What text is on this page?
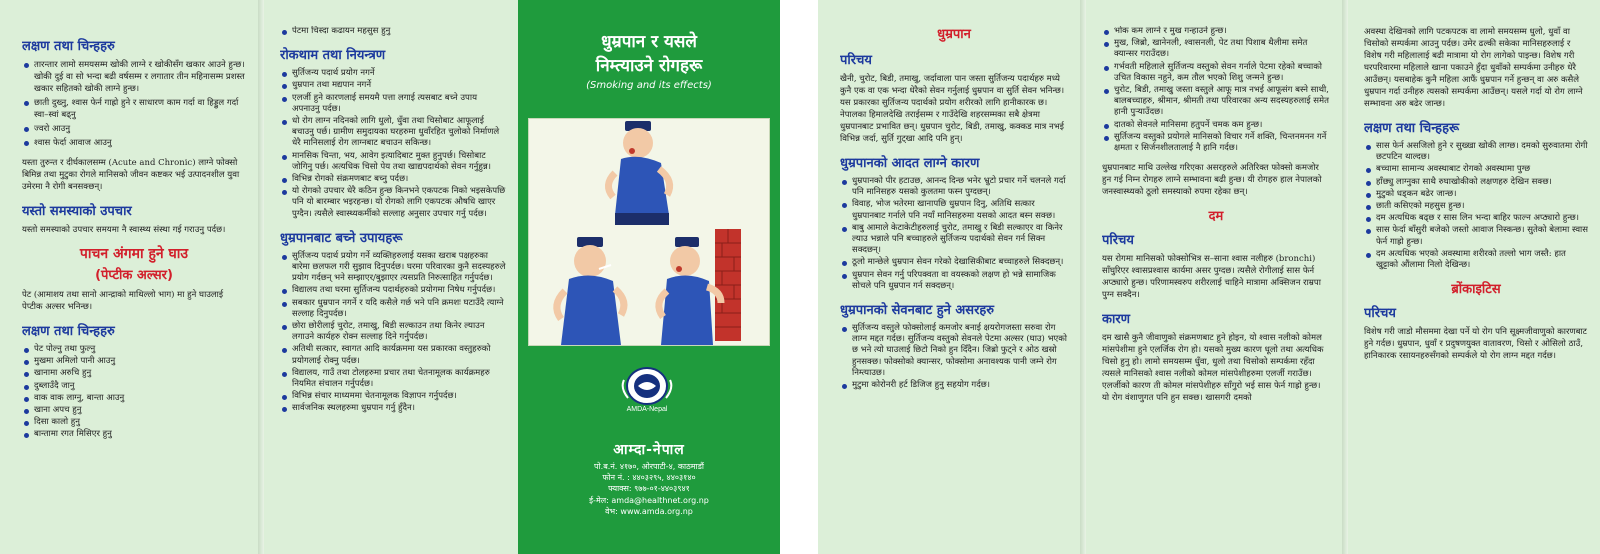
लक्षण तथा चिन्हहरु
तारन्तार लामो समयसम्म खोकी लाग्ने र खोकीसँग खकार आउने हुन्छ। खोकी दुई वा सो भन्दा बढी वर्षसम्म र लगातार तीन महिनासम्म प्रशस्त खकार सहितको खोकी लाग्ने हुन्छ।
छाती दुख्नु, श्वास फेर्न गाह्रो हुने र साधारण काम गर्दा वा हिड्डुल गर्दा स्वा–स्वां बढ्नु
ज्वरो आउनु
श्वास फेर्दा आवाज आउनु

यस्ता तुरुन्त र दीर्घकालसम्म (Acute and Chronic) लाग्ने फोक्सो बिमिन्न तथा मुटुका रोगले मानिसको जीवन कष्टकर भई उत्पादनशील युवा उमेरमा नै रोगी बनसक्छन्।

यस्तो समस्याको उपचार

यस्तो समस्याको उपचार समयमा नै स्वास्थ्य संस्था गई गराउनु पर्दछ।

पाचन अंगमा हुने घाउ
(पेप्टीक अल्सर)

पेट (आमाशय तथा सानो आन्द्राको माथिल्लो भाग) मा हुने घाउलाई पेप्टीक अल्सर भनिन्छ।

लक्षण तथा चिन्हहरु
पेट पोल्नु तथा फुल्नु
मुखमा अमिलो पानी आउनु
खानामा अरुचि हुनु
दुब्लाउँदै जानु
वाक वाक लाग्नु, बान्ता आउनु
खाना अपच हुनु
दिसा कालो हुनु
बान्तामा रगत मिसिएर हुनु
पेटमा चिस्दा कढायन महसुस हुनु
रोकथाम तथा नियन्त्रण
सुर्तिजन्य पदार्थ प्रयोग नगर्ने
धुम्रपान तथा मद्यपान नगर्ने
एलर्जी हुने कारणलाई समयमै पत्ता लगाई त्यसबाट बच्ने उपाय अपनाउनु पर्दछ।
धो रोग लाग्न नदिनको लागि धुलो, धुँवा तथा चिसोबाट आफूलाई बचाउनु पर्छ। ग्रामीण समुदायका घरहरुमा धुवाँरहित चुलोको निर्माणले धेरै मानिसलाई रोग लाग्नबाट बचाउन सकिन्छ।
मानसिक चिन्ता, भय, आवेग इत्यादिबाट मुक्त हुनुपर्छ। चिसोबाट जोगिनु पर्छ। अत्यधिक चिसो पेय तथा खाद्यपदार्थको सेवन गर्नुहुन्न।
विभिन्न रोगको संक्रमणबाट बच्नु पर्दछ।
यो रोगको उपचार धेरै कठिन हुन्छ किनभने एकपटक निको भइसकेपछि पनि यो बारम्बार भइरहन्छ। यो रोगको लागि एकपटक औषधि खाएर पुग्दैन। त्यसैले स्वास्थ्यकर्मीको सल्लाह अनुसार उपचार गर्नु पर्दछ।
धुम्रपानबाट बच्ने उपायहरू
सुर्तिजन्य पदार्थ प्रयोग गर्ने व्यक्तिहरुलाई यसका खराब पक्षहरुका बारेमा छलफल गरी सुझाव दिनुपर्दछ। घरमा परिवारका कुनै सदस्यहरुले प्रयोग गर्दछन् भने सम्झाएर/बुझाएर त्यसप्रति निरुत्साहित गर्नुपर्दछ।
विद्यालय तथा घरमा सुर्तिजन्य पदार्थहरुको प्रयोगमा निषेध गर्नुपर्दछ।
सबकार धुम्रपान नगर्ने र यदि कसैले गर्छ भने पनि क्रमशः घटाउँदै त्याग्ने सल्लाह दिनुपर्दछ।
छोरा छोरीलाई चुरोट, तमाखु, बिडी सल्काउन तथा किनेर ल्याउन लगाउने कार्यहरु रोक्न सल्लाह दिने गर्नुपर्दछ।
अतिथी सत्कार, स्वागत आदि कार्यक्रममा यस प्रकारका वस्तुहरुको प्रयोगलाई रोक्नु पर्दछ।
विद्यालय, गाउँ तथा टोलहरुमा प्रचार तथा चेतनामूलक कार्यक्रमहरु नियमित संचालन गर्नुपर्दछ।
विभिन्न संचार माध्यममा चेतनामूलक विज्ञापन गर्नुपर्दछ।
सार्वजनिक स्थलहरुमा धुम्रपान गर्नु हुँदैन।
धुम्रपान र यसले
निम्त्याउने रोगहरू
(Smoking and its effects)
AMDA-Nepal
आम्दा-नेपाल
पो.ब.नं. ४१७०, ओरपाटी-४, काठमाडौं
फोन नं. : ४४०३२९५, ४४०३१४०
फ्याक्स: ९७७-०१-४४०३९४१
ई-मेल: amda@healthnet.org.np
वेभ: www.amda.org.np
धुम्रपान
परिचय

खैनी, चुरोट, बिडी, तमाखु, जर्दावाला पान जस्ता सुर्तिजन्य पदार्थहरु मध्ये कुनै एक वा एक भन्दा धेरैको सेवन गर्नुलाई धुम्रपान वा सुर्ति सेवन भनिन्छ। यस प्रकारका सुर्तिजन्य पदार्थको प्रयोग शरीरको लागि हानीकारक छ। नेपालका हिमालदेखि तराईसम्म र गाउँदेखि शहरसम्मका सबै क्षेत्रमा धुम्रपानबाट प्रभावित छन्। धुम्रपान चुरोट, बिडी, तमाखु, कक्कड मात्र नभई विभिन्न जर्दा, सुर्ति गुट्खा आदि पनि हुन्।

धुम्रपानको आदत लाग्ने कारण
धुम्रपानको पीर हटाउछ, आनन्द दिन्छ भनेर भ्रुटो प्रचार गर्ने चलनले गर्दा पनि मानिसहरु यसको कुलतमा फस्न पुग्दछन्।
विवाह, भोज भतेरमा खानापछि धुम्रपान दिनु, अतिथि सत्कार धुम्रपानबाट गर्नाले पनि नयाँ मानिसहरुमा यसको आदत बस्न सक्छ।
बाबु आमाले केटाकेटीहरुलाई चुरोट, तमाखु र बिडी सल्काएर वा किनेर ल्याउ भन्नाले पनि बच्चाहरुले सुर्तिजन्य पदार्थको सेवन गर्न सिक्न सक्दछन्।
ठूलो मान्छेले धुम्रपान सेवन गरेको देखासिकीबाट बच्चाहरुले सिक्दछन्।
धुम्रपान सेवन गर्नु परिपक्वता वा वयस्कको लक्षण हो भन्ने सामाजिक सोचले पनि धुम्रपान गर्न सक्दछन्।
धुम्रपानको सेवनबाट हुने असरहरु
सुर्तिजन्य वस्तुले फोक्सोलाई कमजोर बनाई क्षयरोगजस्ता सरुवा रोग लाग्न मद्दत गर्दछ। सुर्तिजन्य वस्तुको सेवनले पेटमा अल्सर (घाउ) भएको छ भने त्यो घाउलाई छिटो निको हुन दिँदैन। जिब्रो फुट्ने र ओठ खस्रो हुनसक्छ। फोक्सोको क्यान्सर, फोक्सोमा अनावश्यक पानी जम्ने रोग निम्त्याउछ।
मुटुमा कोरोनरी हर्ट डिजिज हुनु सहयोग गर्दछ।
भोक कम लाग्ने र मुख गन्हाउने हुन्छ।
मुख, जिब्रो, खानेनली, श्वासनली, पेट तथा पिशाब थैलीमा समेत क्यान्सर गराउँदछ।
गर्भवती महिलाले सुर्तिजन्य वस्तुको सेवन गर्नाले पेटमा रहेको बच्चाको उचित विकास नहुने, कम तौल भएको शिशु जन्मने हुन्छ।
चुरोट, बिडी, तमाखु जस्ता वस्तुले आफू मात्र नभई आफूसंग बस्ने साथी, बालबच्चाहरु, श्रीमान, श्रीमती तथा परिवारका अन्य सदस्यहरुलाई समेत हानी पुऱ्याउँदछ।
दातको सेवनले मानिसमा हतुपर्ने चमक कम हुन्छ।
सुर्तिजन्य वस्तुको प्रयोगले मानिसको विचार गर्ने शक्ति, चिन्तनमनन गर्ने क्षमता र सिर्जनशीलतालाई नै हानि गर्दछ।

धुम्रपानबाट माथि उल्लेख गरिएका असरहरुले अतिरिक्त फोक्सो कमजोर हुन गई निम्न रोगहरु लाग्ने सम्भावना बढी हुन्छ। यी रोगहरु हाल नेपालको जनस्वास्थ्यको ठूलो समस्याको रुपमा रहेका छन्।

दम
परिचय

यस रोगमा मानिसको फोक्सोभित्र स–साना श्वास नलीहरु (bronchi) साँघुरिएर श्वासप्रश्वास कार्यमा असर पुग्दछ। त्यसैले रोगीलाई सास फेर्न अप्ठ्यारो हुन्छ। परिणामस्वरुप शरीरलाई चाहिने मात्रामा अक्सिजन राम्रपा पुग्न सक्दैन।

कारण

दम खासै कुनै जीवाणुको संक्रमणबाट हुने होइन, यो श्वास नलीको कोमल मांसपेशीमा हुने एलर्जिक रोग हो। यसको मुख्य कारण धूलो तथा अत्यधिक चिसो हुनु हो। लामो समयसम्म धुँवा, धुलो तथा चिसोको सम्पर्कमा रहँदा त्यसले मानिसको श्वास नलीको कोमल मांसपेशीहरुमा एलर्जी गराउँछ। एलर्जीको कारण ती कोमल मांसपेशीहरु साँगुरो भई सास फेर्न गाह्रो हुन्छ। यो रोग वंशाणुगत पनि हुन सक्छ। खासगरी दमको

अवस्था देखिनको लागि पटकपटक वा लामो समयसम्म धुलो, धुवाँ वा चिसोको सम्पर्कमा आउनु पर्दछ। उमेर ढल्की सकेका मानिसहरुलाई र विशेष गरी महिलालाई बढी मात्रामा यो रोग लागेको पाइन्छ। विशेष गरी घरपरिवारमा महिलाले खाना पकाउने हुँदा धुवाँको सम्पर्कमा उनीहरु धेरै आउँछन्। यसबाहेक कुनै महिला आफैं धुम्रपान गर्ने हुन्छन् वा अरु कसैले धुम्रपान गर्दा उनीहरु त्यसको सम्पर्कमा आउँछन्। यसले गर्दा यो रोग लाग्ने सम्भावना अरु बढेर जान्छ।

लक्षण तथा चिन्हहरू
सास फेर्न असजिलो हुने र सुख्खा खोकी लाग्छ। दमको सुरुवातमा रोगी छटपटिन थाल्दछ।
बच्चामा सामान्य अवस्थाबाट रोगको अवस्थामा पुग्छ
हाँछ्यु लाग्नुका साथै रुघाखोकीको लक्षणहरु देखिन सक्छ।
मुटुको धड्कन बढेर जान्छ।
छाती कसिएको महसुस हुन्छ।
दम अत्यधिक बढ्छ र सास लिन भन्दा बाहिर फाल्न अप्ठ्यारो हुन्छ।
सास फेर्दा बाँसुरी बजेको जस्तो आवाज निस्कन्छ। सुतेको बेलामा स्वास फेर्न गाह्रो हुन्छ।
दम अत्यधिक भएको अवस्थामा शरीरको तल्लो भाग जस्तै: हात खुट्टाको औंलामा निलो देखिन्छ।
ब्रोंकाइटिस
परिचय

विशेष गरी जाडो मौसममा देखा पर्ने यो रोग पनि सूक्ष्मजीवाणुको कारणबाट हुने गर्दछ। धुम्रपान, धुवाँ र प्रदुषणयुक्त वातावरण, चिसो र ओसिलो ठाउँ, हानिकारक रसायनहरुसँगको सम्पर्कले यो रोग लाग्न मद्दत गर्दछ।
